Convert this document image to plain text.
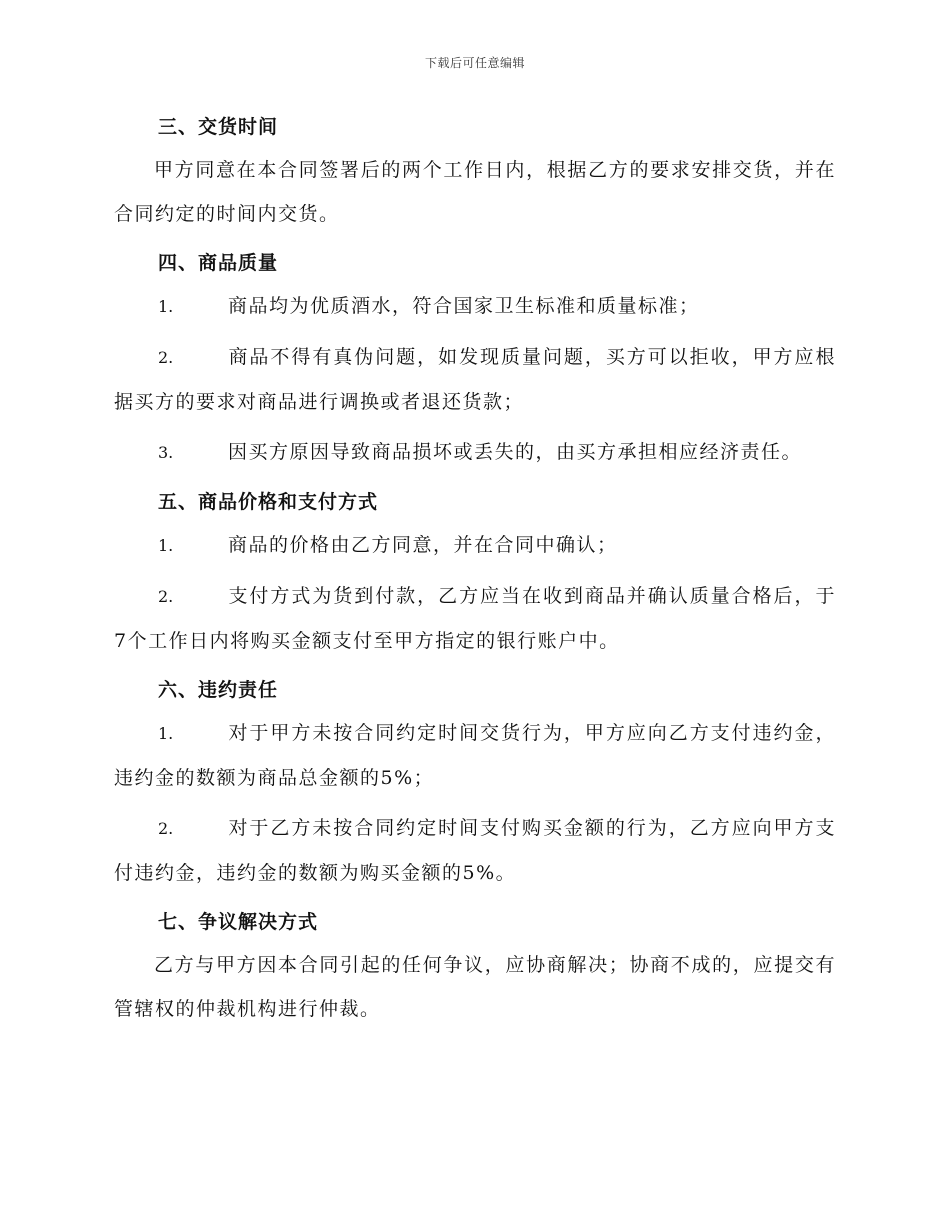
下载后可任意编辑
三、交货时间
甲方同意在本合同签署后的两个工作日内，根据乙方的要求安排交货，并在合同约定的时间内交货。
四、商品质量
1.	商品均为优质酒水，符合国家卫生标准和质量标准；
2.	商品不得有真伪问题，如发现质量问题，买方可以拒收，甲方应根据买方的要求对商品进行调换或者退还货款；
3.	因买方原因导致商品损坏或丢失的，由买方承担相应经济责任。
五、商品价格和支付方式
1.	商品的价格由乙方同意，并在合同中确认；
2.	支付方式为货到付款，乙方应当在收到商品并确认质量合格后，于7个工作日内将购买金额支付至甲方指定的银行账户中。
六、违约责任
1.	对于甲方未按合同约定时间交货行为，甲方应向乙方支付违约金，违约金的数额为商品总金额的5%；
2.	对于乙方未按合同约定时间支付购买金额的行为，乙方应向甲方支付违约金，违约金的数额为购买金额的5%。
七、争议解决方式
乙方与甲方因本合同引起的任何争议，应协商解决；协商不成的，应提交有管辖权的仲裁机构进行仲裁。
